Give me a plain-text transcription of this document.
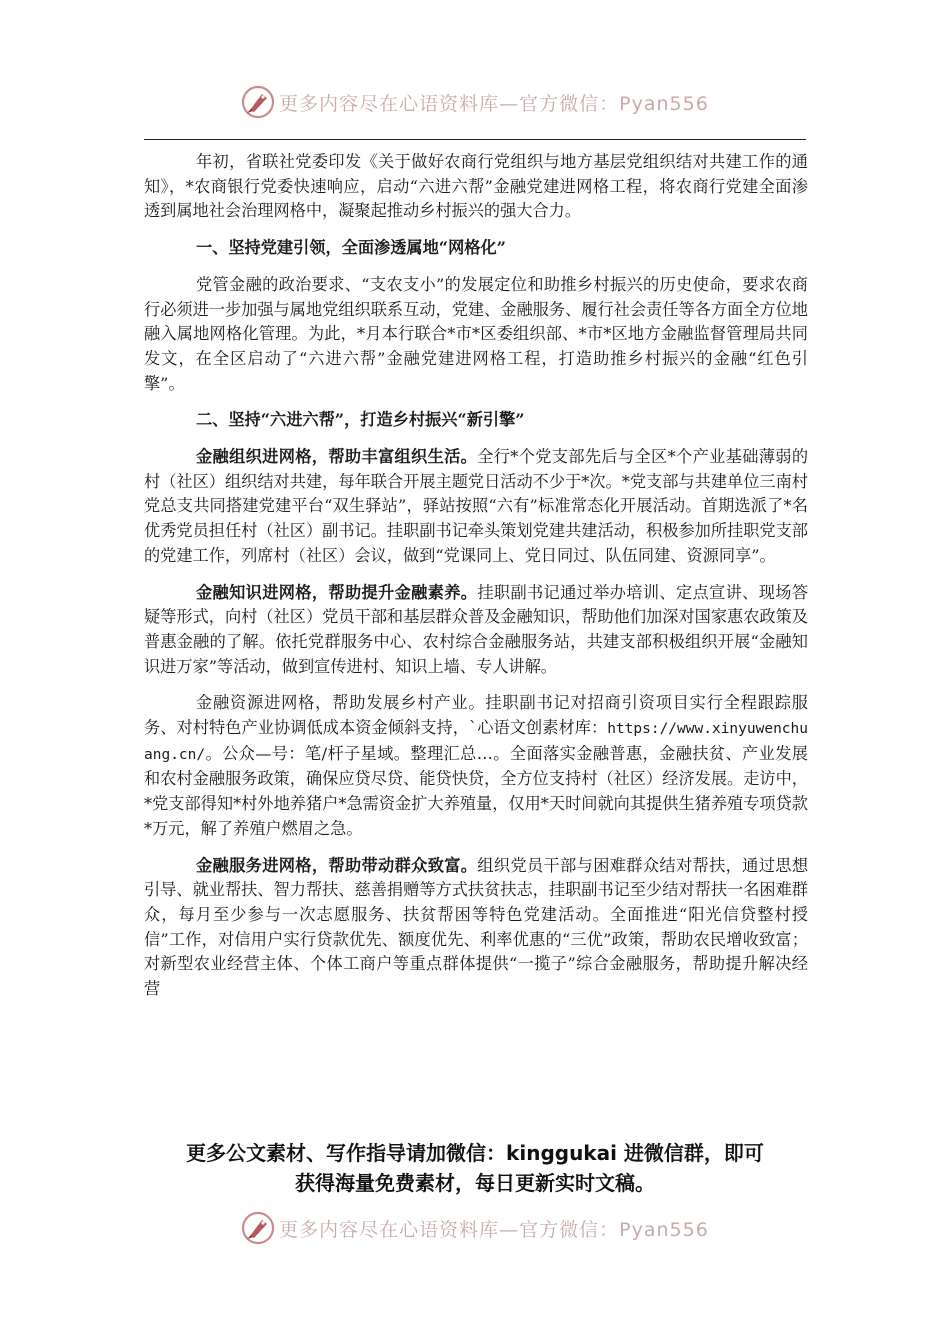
更多内容尽在心语资料库—官方微信：Pyan556

年初，省联社党委印发《关于做好农商行党组织与地方基层党组织结对共建工作的通知》，*农商银行党委快速响应，启动“六进六帮”金融党建进网格工程，将农商行党建全面渗透到属地社会治理网格中，凝聚起推动乡村振兴的强大合力。

一、坚持党建引领，全面渗透属地“网格化”

党管金融的政治要求、“支农支小”的发展定位和助推乡村振兴的历史使命，要求农商行必须进一步加强与属地党组织联系互动，党建、金融服务、履行社会责任等各方面全方位地融入属地网格化管理。为此，*月本行联合*市*区委组织部、*市*区地方金融监督管理局共同发文，在全区启动了“六进六帮”金融党建进网格工程，打造助推乡村振兴的金融“红色引擎”。

二、坚持“六进六帮”，打造乡村振兴“新引擎”

金融组织进网格，帮助丰富组织生活。全行*个党支部先后与全区*个产业基础薄弱的村（社区）组织结对共建，每年联合开展主题党日活动不少于*次。*党支部与共建单位三南村党总支共同搭建党建平台“双生驿站”，驿站按照“六有”标准常态化开展活动。首期选派了*名优秀党员担任村（社区）副书记。挂职副书记牵头策划党建共建活动，积极参加所挂职党支部的党建工作，列席村（社区）会议，做到“党课同上、党日同过、队伍同建、资源同享”。

金融知识进网格，帮助提升金融素养。挂职副书记通过举办培训、定点宣讲、现场答疑等形式，向村（社区）党员干部和基层群众普及金融知识，帮助他们加深对国家惠农政策及普惠金融的了解。依托党群服务中心、农村综合金融服务站，共建支部积极组织开展“金融知识进万家”等活动，做到宣传进村、知识上墙、专人讲解。

金融资源进网格，帮助发展乡村产业。挂职副书记对招商引资项目实行全程跟踪服务、对村特色产业协调低成本资金倾斜支持，`心语文创素材库：https://www.xinyuwenchuang.cn/。公众—号：笔/杆子星域。整理汇总…。全面落实金融普惠，金融扶贫、产业发展和农村金融服务政策，确保应贷尽贷、能贷快贷，全方位支持村（社区）经济发展。走访中，*党支部得知*村外地养猪户*急需资金扩大养殖量，仅用*天时间就向其提供生猪养殖专项贷款*万元，解了养殖户燃眉之急。

金融服务进网格，帮助带动群众致富。组织党员干部与困难群众结对帮扶，通过思想引导、就业帮扶、智力帮扶、慈善捐赠等方式扶贫扶志，挂职副书记至少结对帮扶一名困难群众，每月至少参与一次志愿服务、扶贫帮困等特色党建活动。全面推进“阳光信贷整村授信”工作，对信用户实行贷款优先、额度优先、利率优惠的“三优”政策，帮助农民增收致富；对新型农业经营主体、个体工商户等重点群体提供“一揽子”综合金融服务，帮助提升解决经营

更多公文素材、写作指导请加微信：kinggukai 进微信群，即可
获得海量免费素材，每日更新实时文稿。
更多内容尽在心语资料库—官方微信：Pyan556
